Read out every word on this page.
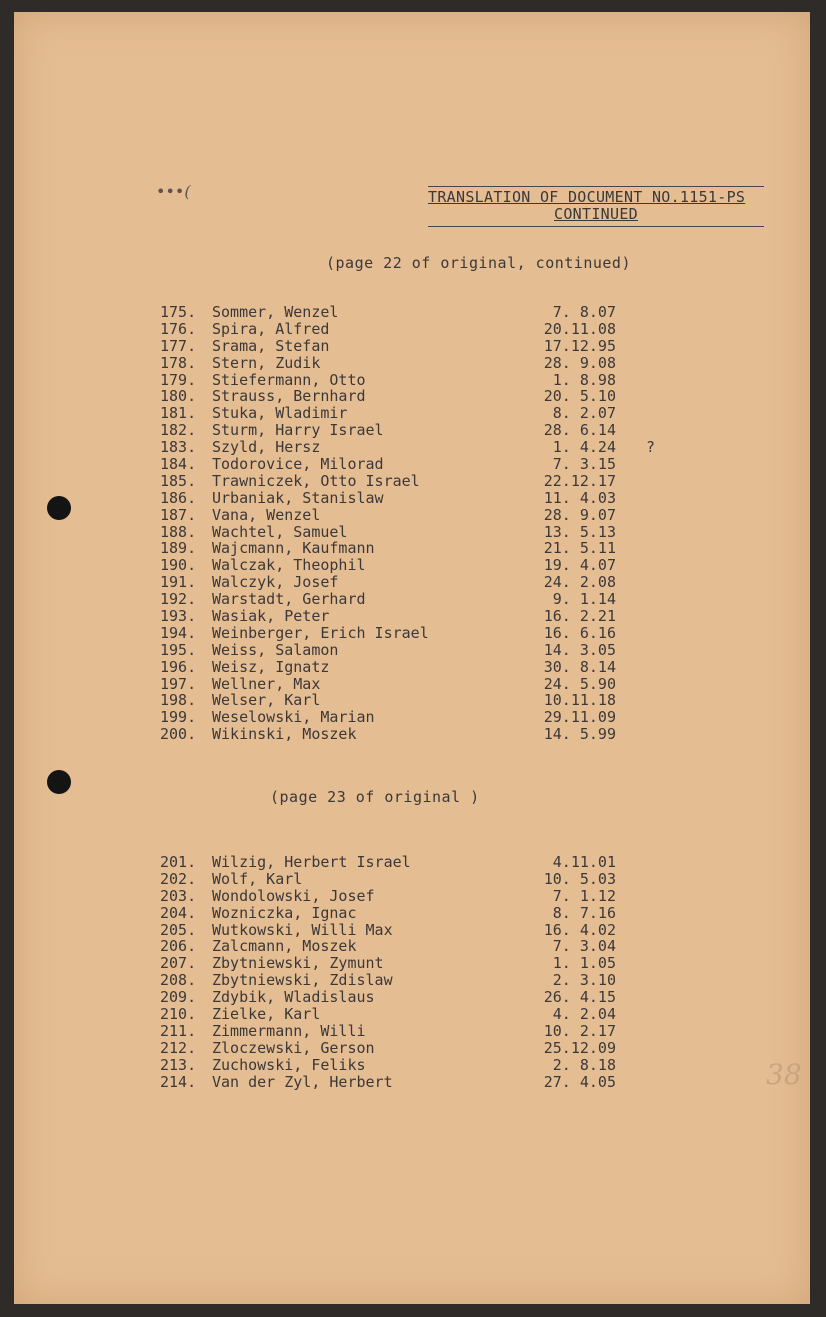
•••(	TRANSLATION OF DOCUMENT NO.1151-PS
CONTINUED
(page 22 of original, continued)
175. Sommer, Wenzel	7. 8.07
176. Spira, Alfred	20.11.08
177. Srama, Stefan	17.12.95
178. Stern, Zudik	28. 9.08
179. Stiefermann, Otto	1. 8.98
180. Strauss, Bernhard	20. 5.10
181. Stuka, Wladimir	8. 2.07
182. Sturm, Harry Israel	28. 6.14
183. Szyld, Hersz	1. 4.24 ?
184. Todorovice, Milorad	7. 3.15
185. Trawniczek, Otto Israel	22.12.17
186. Urbaniak, Stanislaw	11. 4.03
187. Vana, Wenzel	28. 9.07
188. Wachtel, Samuel	13. 5.13
189. Wajcmann, Kaufmann	21. 5.11
190. Walczak, Theophil	19. 4.07
191. Walczyk, Josef	24. 2.08
192. Warstadt, Gerhard	9. 1.14
193. Wasiak, Peter	16. 2.21
194. Weinberger, Erich Israel	16. 6.16
195. Weiss, Salamon	14. 3.05
196. Weisz, Ignatz	30. 8.14
197. Wellner, Max	24. 5.90
198. Welser, Karl	10.11.18
199. Weselowski, Marian	29.11.09
200. Wikinski, Moszek	14. 5.99
(page 23 of original )
201. Wilzig, Herbert Israel	4.11.01
202. Wolf, Karl	10. 5.03
203. Wondolowski, Josef	7. 1.12
204. Wozniczka, Ignac	8. 7.16
205. Wutkowski, Willi Max	16. 4.02
206. Zalcmann, Moszek	7. 3.04
207. Zbytniewski, Zymunt	1. 1.05
208. Zbytniewski, Zdislaw	2. 3.10
209. Zdybik, Wladislaus	26. 4.15
210. Zielke, Karl	4. 2.04
211. Zimmermann, Willi	10. 2.17
212. Zloczewski, Gerson	25.12.09
213. Zuchowski, Feliks	2. 8.18
214. Van der Zyl, Herbert	27. 4.05	38
